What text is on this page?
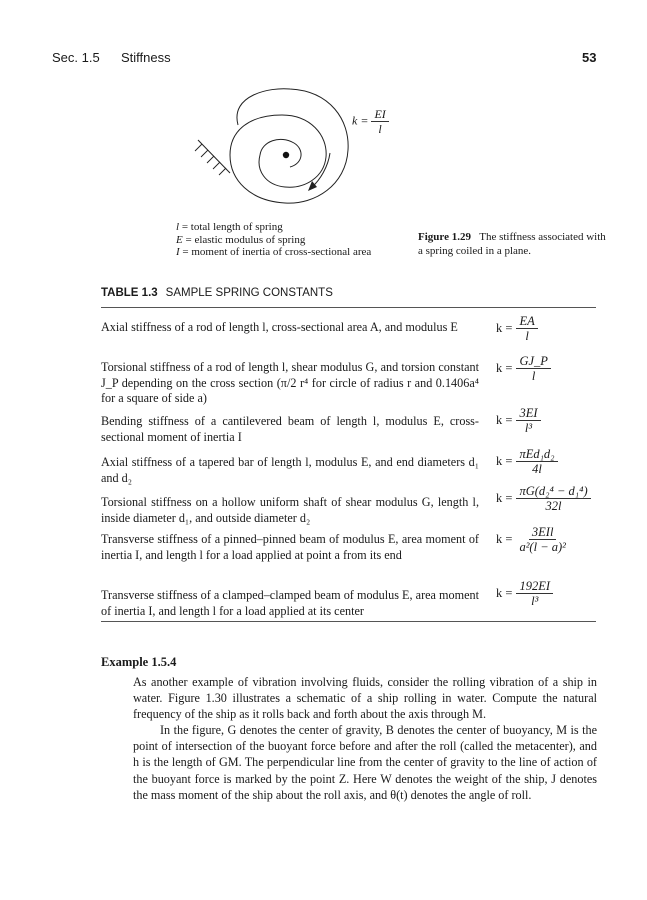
Sec. 1.5 Stiffness	53
$k = \frac{EI}{l}$
l = total length of spring
E = elastic modulus of spring
I = moment of inertia of cross-sectional area
Figure 1.29 The stiffness associated with a spring coiled in a plane.
TABLE 1.3 SAMPLE SPRING CONSTANTS
Axial stiffness of a rod of length l, cross-sectional area A, and modulus E	$k = \frac{EA}{l}$
Torsional stiffness of a rod of length l, shear modulus G, and torsion constant J_P depending on the cross section (π/2 r⁴ for circle of radius r and 0.1406a⁴ for a square of side a)
$k = \frac{GJ\_P}{l}$
Bending stiffness of a cantilevered beam of length l, modulus E, cross-sectional moment of inertia I
$k = \frac{3EI}{\text{l³}}$
Axial stiffness of a tapered bar of length l, modulus E, and end diameters d₁ and d₂
$k = \frac{\text{πEd₁d₂}}{4l}$
Torsional stiffness on a hollow uniform shaft of shear modulus G, length l, inside diameter d₁, and outside diameter d₂
$k = \frac{\text{πG(d₂⁴ − d₁⁴)}}{32l}$
Transverse stiffness of a pinned–pinned beam of modulus E, area moment of inertia I, and length l for a load applied at point a from its end
$k = \frac{\text{3EIl}}{\text{a²(l − a)²}}$
Transverse stiffness of a clamped–clamped beam of modulus E, area moment of inertia I, and length l for a load applied at its center
$k = \frac{192EI}{\text{l³}}$
Example 1.5.4

As another example of vibration involving fluids, consider the rolling vibration of a ship in water. Figure 1.30 illustrates a schematic of a ship rolling in water. Compute the natural frequency of the ship as it rolls back and forth about the axis through M.

In the figure, G denotes the center of gravity, B denotes the center of buoyancy, M is the point of intersection of the buoyant force before and after the roll (called the metacenter), and h is the length of GM. The perpendicular line from the center of gravity to the line of action of the buoyant force is marked by the point Z. Here W denotes the weight of the ship, J denotes the mass moment of the ship about the roll axis, and θ(t) denotes the angle of roll.
